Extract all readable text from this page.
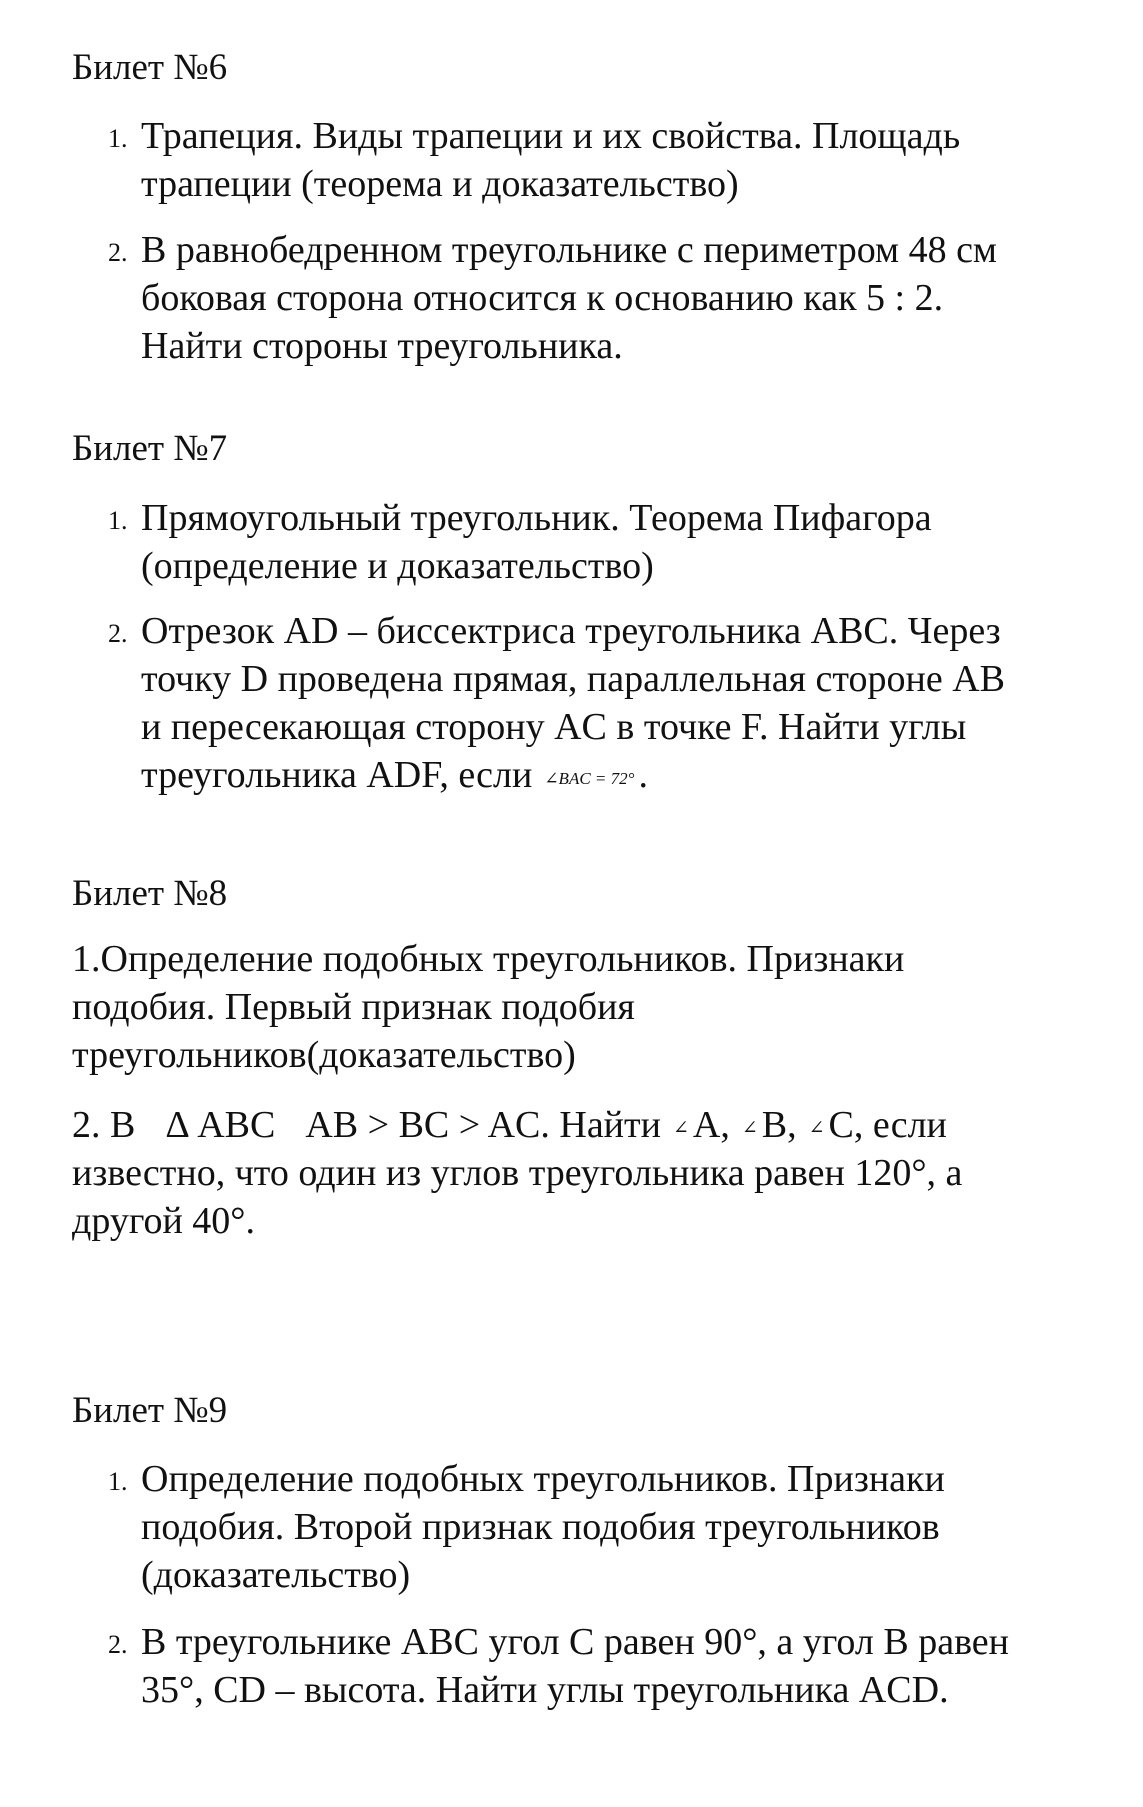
Билет №6
1. Трапеция. Виды трапеции и их свойства. Площадь
трапеции (теорема и доказательство)
2. В равнобедренном треугольнике с периметром 48 см
боковая сторона относится к основанию как 5 : 2.
Найти стороны треугольника.
Билет №7
1. Прямоугольный треугольник. Теорема Пифагора
(определение и доказательство)
2. Отрезок AD – биссектриса треугольника ABC. Через
точку D проведена прямая, параллельная стороне AB
и пересекающая сторону AC в точке F. Найти углы
треугольника ADF, если ∠BAC = 72° .
Билет №8
1.Определение подобных треугольников. Признаки
подобия. Первый признак подобия
треугольников(доказательство)
2. В Δ ABC AB > BC > AC. Найти ∠ A, ∠ B, ∠ C, если
известно, что один из углов треугольника равен 120°, а
другой 40°.
Билет №9
1. Определение подобных треугольников. Признаки
подобия. Второй признак подобия треугольников
(доказательство)
2. В треугольнике ABC угол C равен 90°, а угол B равен
35°, CD – высота. Найти углы треугольника ACD.
